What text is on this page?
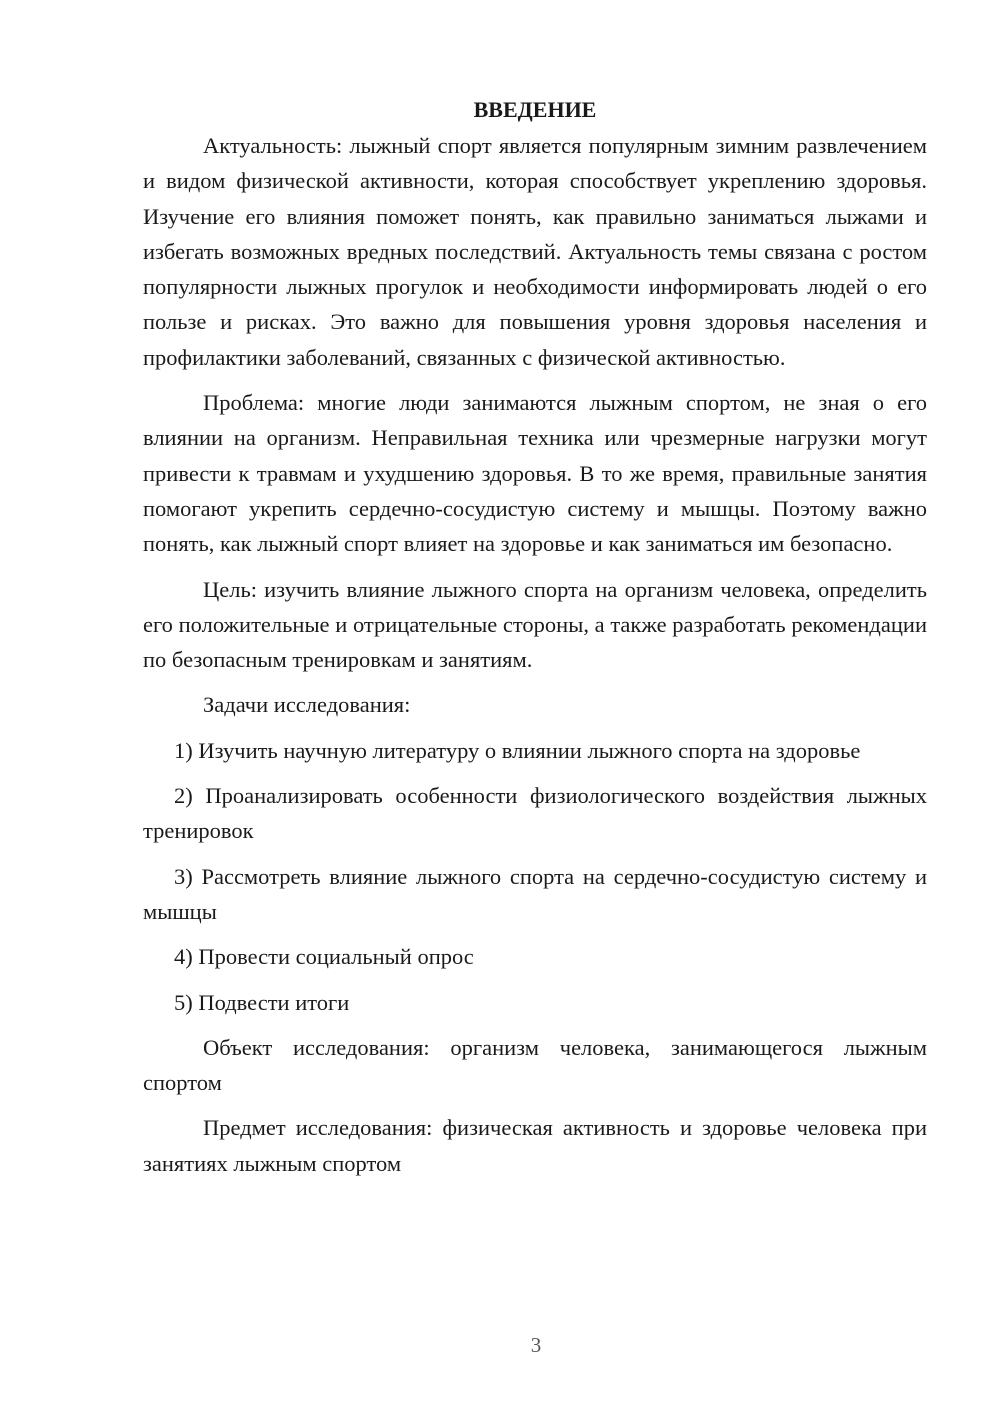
ВВЕДЕНИЕ

Актуальность: лыжный спорт является популярным зимним развлечением и видом физической активности, которая способствует укреплению здоровья. Изучение его влияния поможет понять, как правильно заниматься лыжами и избегать возможных вредных последствий. Актуальность темы связана с ростом популярности лыжных прогулок и необходимости информировать людей о его пользе и рисках. Это важно для повышения уровня здоровья населения и профилактики заболеваний, связанных с физической активностью.

Проблема: многие люди занимаются лыжным спортом, не зная о его влиянии на организм. Неправильная техника или чрезмерные нагрузки могут привести к травмам и ухудшению здоровья. В то же время, правильные занятия помогают укрепить сердечно-сосудистую систему и мышцы. Поэтому важно понять, как лыжный спорт влияет на здоровье и как заниматься им безопасно.

Цель: изучить влияние лыжного спорта на организм человека, определить его положительные и отрицательные стороны, а также разработать рекомендации по безопасным тренировкам и занятиям.

Задачи исследования:

1) Изучить научную литературу о влиянии лыжного спорта на здоровье

2) Проанализировать особенности физиологического воздействия лыжных тренировок

3) Рассмотреть влияние лыжного спорта на сердечно-сосудистую систему и мышцы

4) Провести социальный опрос

5) Подвести итоги

Объект исследования: организм человека, занимающегося лыжным спортом

Предмет исследования: физическая активность и здоровье человека при занятиях лыжным спортом

3
